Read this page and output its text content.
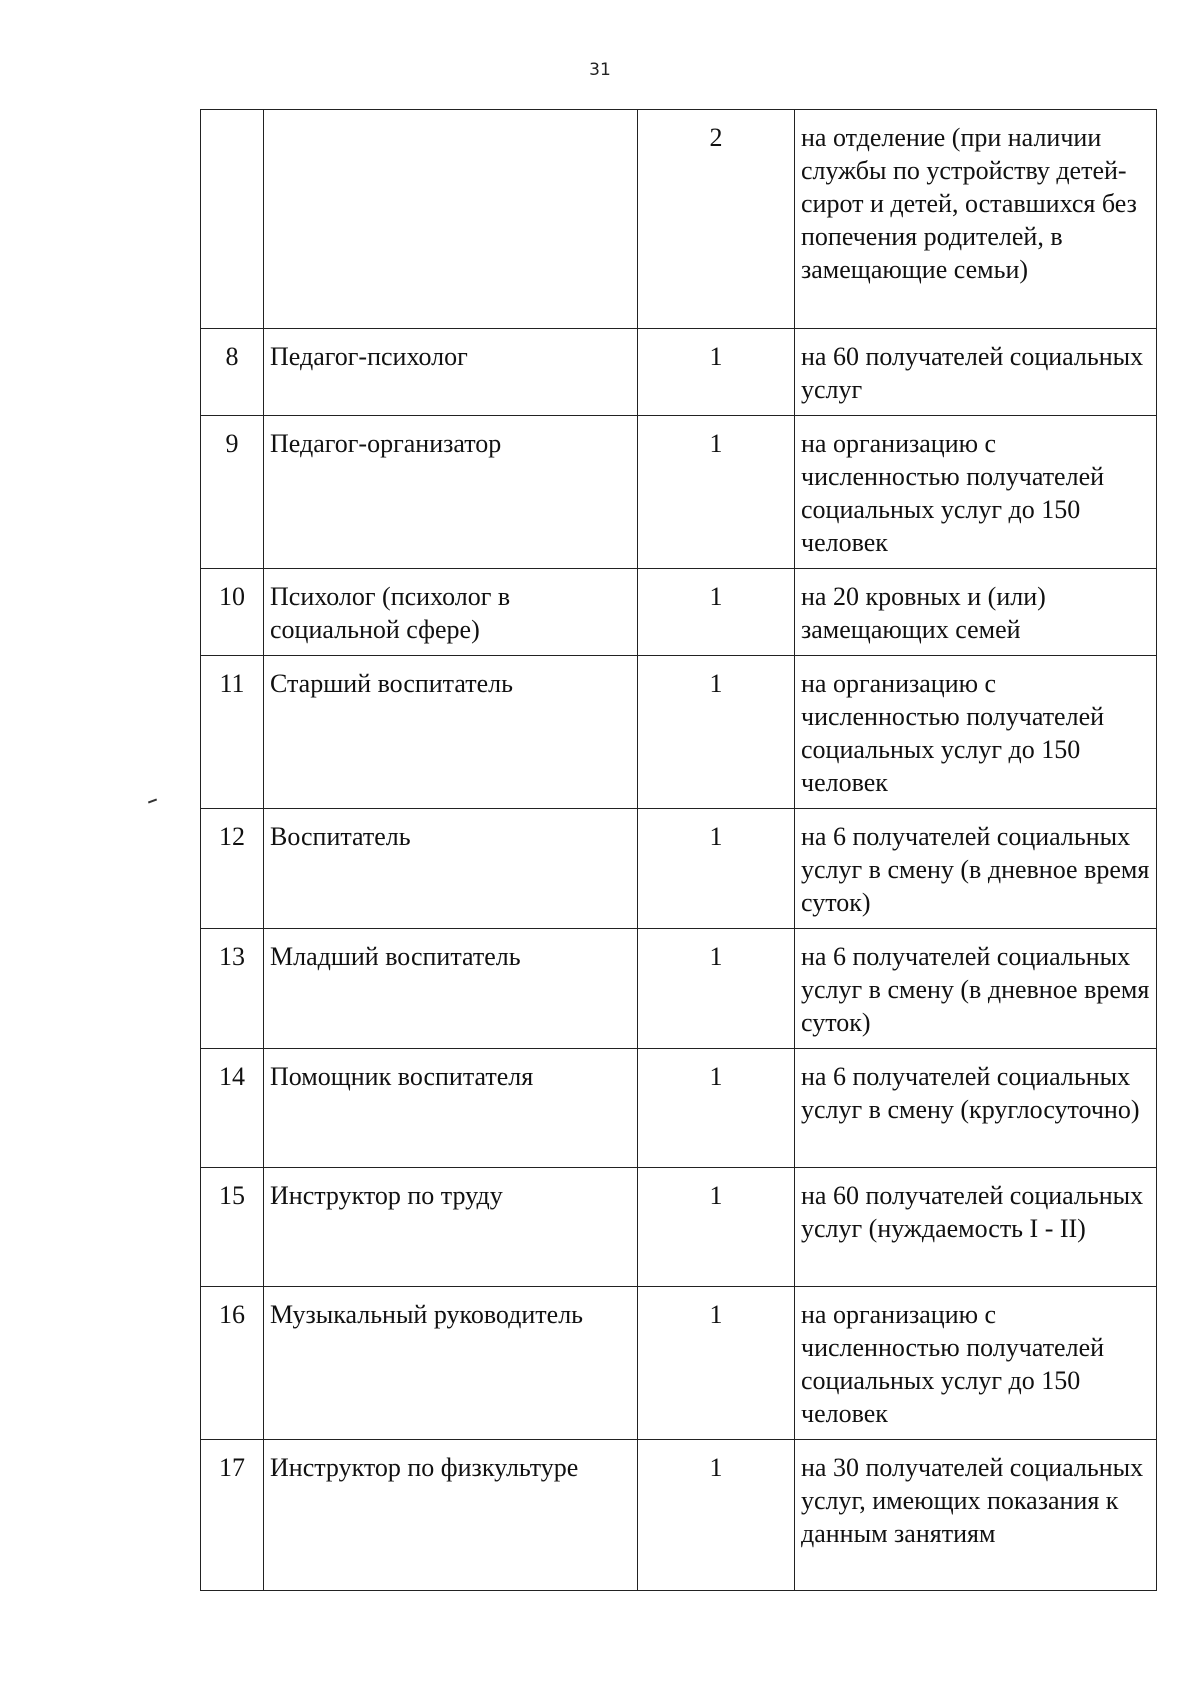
31
		2	на отделение (при наличии службы по устройству детей-сирот и детей, оставшихся без попечения родителей, в замещающие семьи)
8	Педагог-психолог	1	на 60 получателей социальных услуг
9	Педагог-организатор	1	на организацию с численностью получателей социальных услуг до 150 человек
10	Психолог (психолог в социальной сфере)	1	на 20 кровных и (или) замещающих семей
11	Старший воспитатель	1	на организацию с численностью получателей социальных услуг до 150 человек
12	Воспитатель	1	на 6 получателей социальных услуг в смену (в дневное время суток)
13	Младший воспитатель	1	на 6 получателей социальных услуг в смену (в дневное время суток)
14	Помощник воспитателя	1	на 6 получателей социальных услуг в смену (круглосуточно)
15	Инструктор по труду	1	на 60 получателей социальных услуг (нуждаемость I - II)
16	Музыкальный руководитель	1	на организацию с численностью получателей социальных услуг до 150 человек
17	Инструктор по физкультуре	1	на 30 получателей социальных услуг, имеющих показания к данным занятиям
